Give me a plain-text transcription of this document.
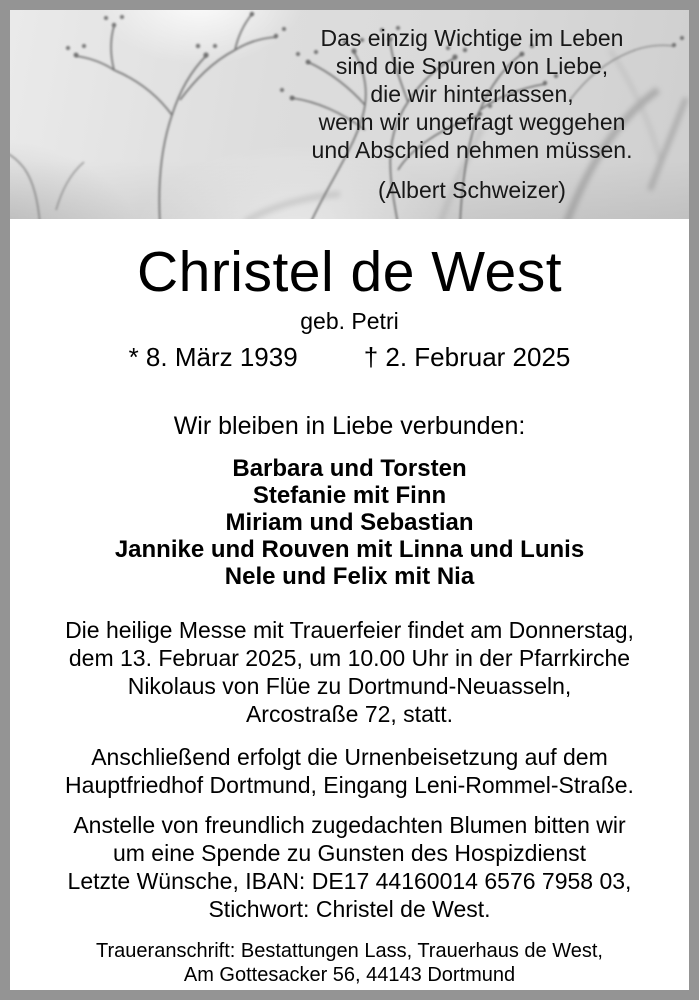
Das einzig Wichtige im Leben
sind die Spuren von Liebe,
die wir hinterlassen,
wenn wir ungefragt weggehen
und Abschied nehmen müssen.
(Albert Schweizer)
Christel de West
geb. Petri
* 8. März 1939	† 2. Februar 2025
Wir bleiben in Liebe verbunden:
Barbara und Torsten
Stefanie mit Finn
Miriam und Sebastian
Jannike und Rouven mit Linna und Lunis
Nele und Felix mit Nia
Die heilige Messe mit Trauerfeier findet am Donnerstag,
dem 13. Februar 2025, um 10.00 Uhr in der Pfarrkirche
Nikolaus von Flüe zu Dortmund-Neuasseln,
Arcostraße 72, statt.
Anschließend erfolgt die Urnenbeisetzung auf dem
Hauptfriedhof Dortmund, Eingang Leni-Rommel-Straße.
Anstelle von freundlich zugedachten Blumen bitten wir
um eine Spende zu Gunsten des Hospizdienst
Letzte Wünsche, IBAN: DE17 44160014 6576 7958 03,
Stichwort: Christel de West.
Traueranschrift: Bestattungen Lass, Trauerhaus de West,
Am Gottesacker 56, 44143 Dortmund
